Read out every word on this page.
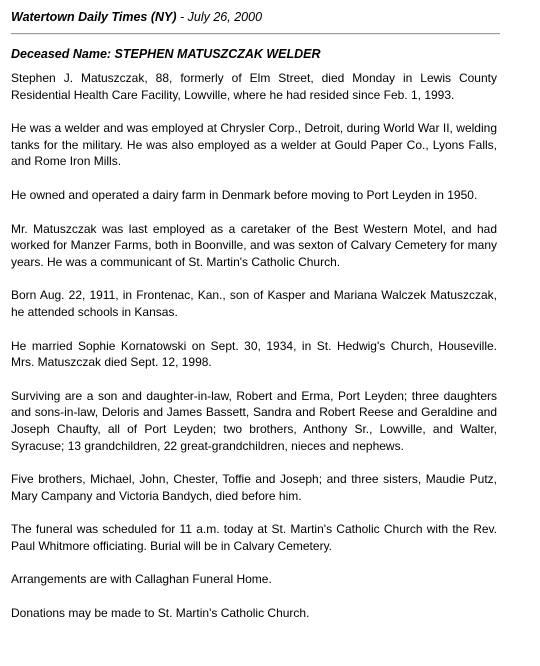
Watertown Daily Times (NY) - July 26, 2000
Deceased Name: STEPHEN MATUSZCZAK WELDER

Stephen J. Matuszczak, 88, formerly of Elm Street, died Monday in Lewis County Residential Health Care Facility, Lowville, where he had resided since Feb. 1, 1993.

He was a welder and was employed at Chrysler Corp., Detroit, during World War II, welding tanks for the military. He was also employed as a welder at Gould Paper Co., Lyons Falls, and Rome Iron Mills.

He owned and operated a dairy farm in Denmark before moving to Port Leyden in 1950.

Mr. Matuszczak was last employed as a caretaker of the Best Western Motel, and had worked for Manzer Farms, both in Boonville, and was sexton of Calvary Cemetery for many years. He was a communicant of St. Martin's Catholic Church.

Born Aug. 22, 1911, in Frontenac, Kan., son of Kasper and Mariana Walczek Matuszczak, he attended schools in Kansas.

He married Sophie Kornatowski on Sept. 30, 1934, in St. Hedwig's Church, Houseville. Mrs. Matuszczak died Sept. 12, 1998.

Surviving are a son and daughter-in-law, Robert and Erma, Port Leyden; three daughters and sons-in-law, Deloris and James Bassett, Sandra and Robert Reese and Geraldine and Joseph Chaufty, all of Port Leyden; two brothers, Anthony Sr., Lowville, and Walter, Syracuse; 13 grandchildren, 22 great-grandchildren, nieces and nephews.

Five brothers, Michael, John, Chester, Toffie and Joseph; and three sisters, Maudie Putz, Mary Campany and Victoria Bandych, died before him.

The funeral was scheduled for 11 a.m. today at St. Martin's Catholic Church with the Rev. Paul Whitmore officiating. Burial will be in Calvary Cemetery.

Arrangements are with Callaghan Funeral Home.

Donations may be made to St. Martin's Catholic Church.
